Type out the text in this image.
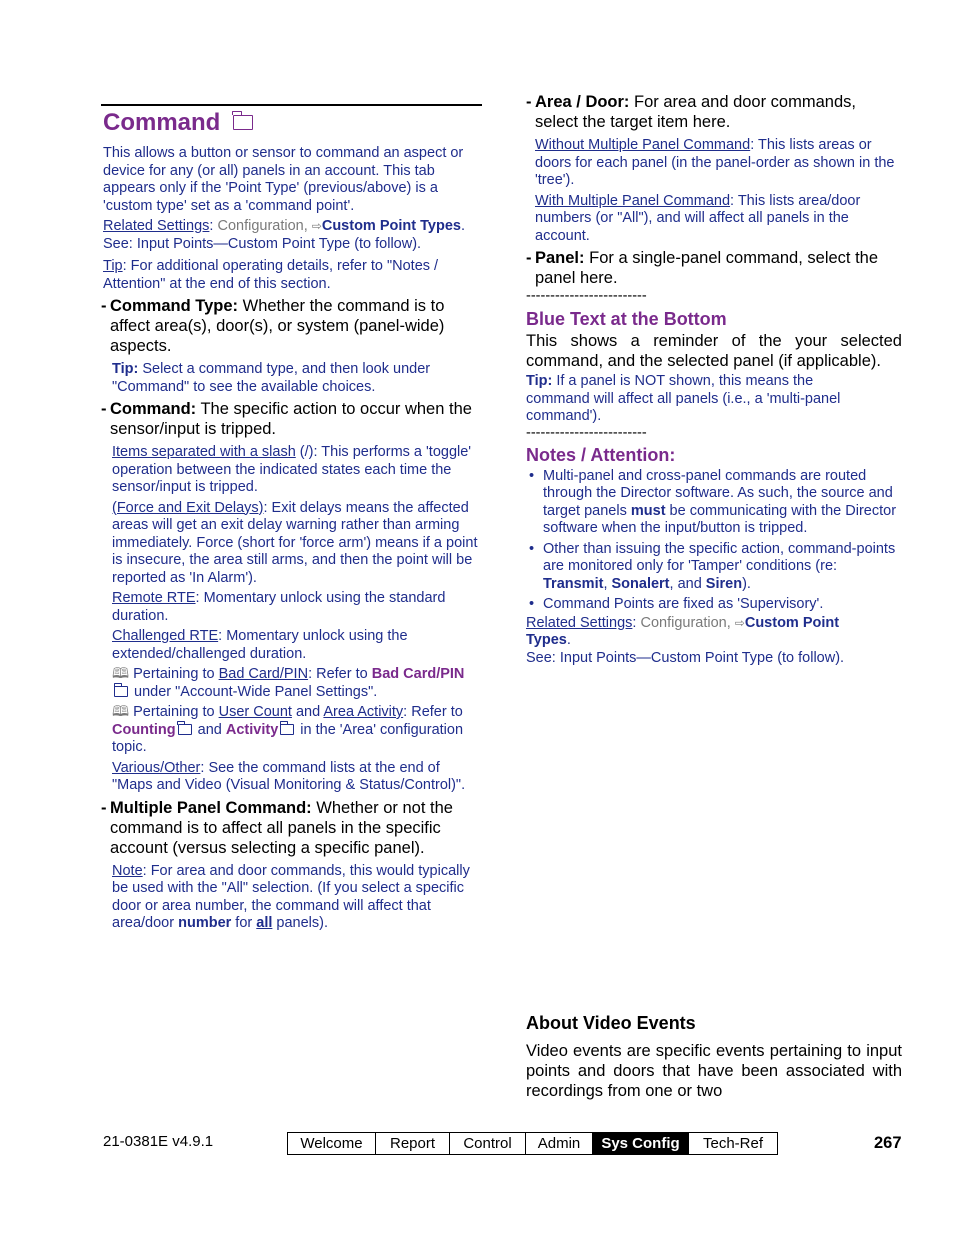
Command

This allows a button or sensor to command an aspect or device for any (or all) panels in an account. This tab appears only if the 'Point Type' (previous/above) is a 'custom type' set as a 'command point'.

Related Settings: Configuration, ⇨Custom Point Types.

See: Input Points—Custom Point Type (to follow).

Tip: For additional operating details, refer to "Notes / Attention" at the end of this section.

- Command Type: Whether the command is to affect area(s), door(s), or system (panel-wide) aspects.

Tip: Select a command type, and then look under "Command" to see the available choices.

- Command: The specific action to occur when the sensor/input is tripped.

Items separated with a slash (/): This performs a 'toggle' operation between the indicated states each time the sensor/input is tripped.

(Force and Exit Delays): Exit delays means the affected areas will get an exit delay warning rather than arming immediately. Force (short for 'force arm') means if a point is insecure, the area still arms, and then the point will be reported as 'In Alarm').

Remote RTE: Momentary unlock using the standard duration.

Challenged RTE: Momentary unlock using the extended/challenged duration.

🕮 Pertaining to Bad Card/PIN: Refer to Bad Card/PIN under "Account-Wide Panel Settings".

🕮 Pertaining to User Count and Area Activity: Refer to Counting and Activity in the 'Area' configuration topic.

Various/Other: See the command lists at the end of "Maps and Video (Visual Monitoring & Status/Control)".

- Multiple Panel Command: Whether or not the command is to affect all panels in the specific account (versus selecting a specific panel).

Note: For area and door commands, this would typically be used with the "All" selection. (If you select a specific door or area number, the command will affect that area/door number for all panels).

- Area / Door: For area and door commands, select the target item here.

Without Multiple Panel Command: This lists areas or doors for each panel (in the panel-order as shown in the 'tree').

With Multiple Panel Command: This lists area/door numbers (or "All"), and will affect all panels in the account.

- Panel: For a single-panel command, select the panel here.
-------------------------
Blue Text at the Bottom

This shows a reminder of the your selected command, and the selected panel (if applicable).

Tip: If a panel is NOT shown, this means the command will affect all panels (i.e., a 'multi-panel command').

-------------------------
Notes / Attention:
• Multi-panel and cross-panel commands are routed through the Director software. As such, the source and target panels must be communicating with the Director software when the input/button is tripped.
• Other than issuing the specific action, command-points are monitored only for 'Tamper' conditions (re: Transmit, Sonalert, and Siren).
• Command Points are fixed as 'Supervisory'.

Related Settings: Configuration, ⇨Custom Point Types.

See: Input Points—Custom Point Type (to follow).

About Video Events

Video events are specific events pertaining to input points and doors that have been associated with recordings from one or two

21-0381E v4.9.1	Welcome	Report	Control	Admin	Sys Config	Tech-Ref	267
